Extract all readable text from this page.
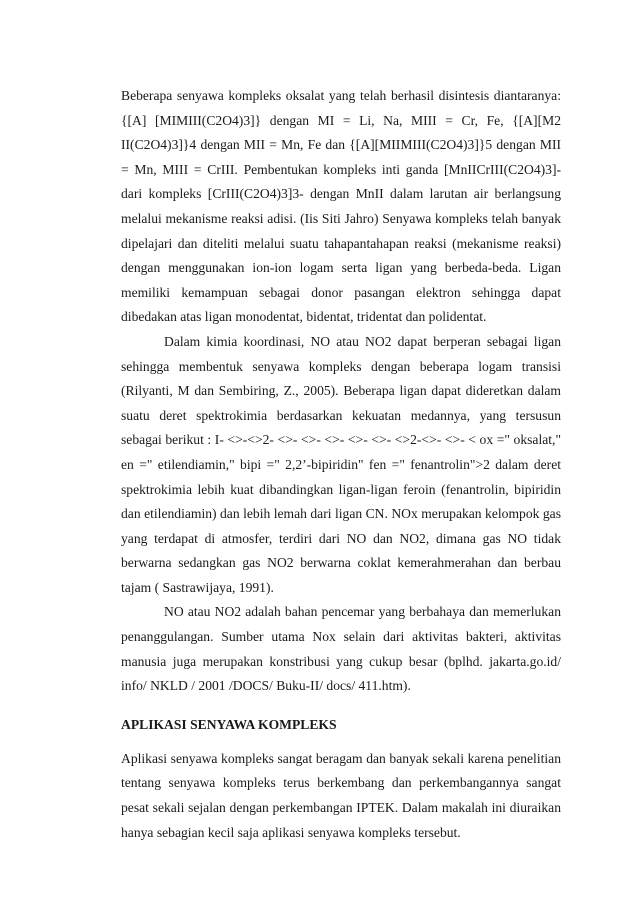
Beberapa senyawa kompleks oksalat yang telah berhasil disintesis diantaranya: {[A] [MIMIII(C2O4)3]} dengan MI = Li, Na, MIII = Cr, Fe, {[A][M2 II(C2O4)3]}4 dengan MII = Mn, Fe dan {[A][MIIMIII(C2O4)3]}5 dengan MII = Mn, MIII = CrIII. Pembentukan kompleks inti ganda [MnIICrIII(C2O4)3]- dari kompleks [CrIII(C2O4)3]3- dengan MnII dalam larutan air berlangsung melalui mekanisme reaksi adisi. (Iis Siti Jahro) Senyawa kompleks telah banyak dipelajari dan diteliti melalui suatu tahapantahapan reaksi (mekanisme reaksi) dengan menggunakan ion-ion logam serta ligan yang berbeda-beda. Ligan memiliki kemampuan sebagai donor pasangan elektron sehingga dapat dibedakan atas ligan monodentat, bidentat, tridentat dan polidentat.

Dalam kimia koordinasi, NO atau NO2 dapat berperan sebagai ligan sehingga membentuk senyawa kompleks dengan beberapa logam transisi (Rilyanti, M dan Sembiring, Z., 2005). Beberapa ligan dapat dideretkan dalam suatu deret spektrokimia berdasarkan kekuatan medannya, yang tersusun sebagai berikut : I- <>-<>2- <>- <>- <>- <>- <>- <>2-<>- <>- < ox =" oksalat," en =" etilendiamin," bipi =" 2,2’-bipiridin" fen =" fenantrolin">2 dalam deret spektrokimia lebih kuat dibandingkan ligan-ligan feroin (fenantrolin, bipiridin dan etilendiamin) dan lebih lemah dari ligan CN. NOx merupakan kelompok gas yang terdapat di atmosfer, terdiri dari NO dan NO2, dimana gas NO tidak berwarna sedangkan gas NO2 berwarna coklat kemerahmerahan dan berbau tajam ( Sastrawijaya, 1991).

NO atau NO2 adalah bahan pencemar yang berbahaya dan memerlukan penanggulangan. Sumber utama Nox selain dari aktivitas bakteri, aktivitas manusia juga merupakan konstribusi yang cukup besar (bplhd. jakarta.go.id/ info/ NKLD / 2001 /DOCS/ Buku-II/ docs/ 411.htm).

APLIKASI SENYAWA KOMPLEKS

Aplikasi senyawa kompleks sangat beragam dan banyak sekali karena penelitian tentang senyawa kompleks terus berkembang dan perkembangannya sangat pesat sekali sejalan dengan perkembangan IPTEK. Dalam makalah ini diuraikan hanya sebagian kecil saja aplikasi senyawa kompleks tersebut.
